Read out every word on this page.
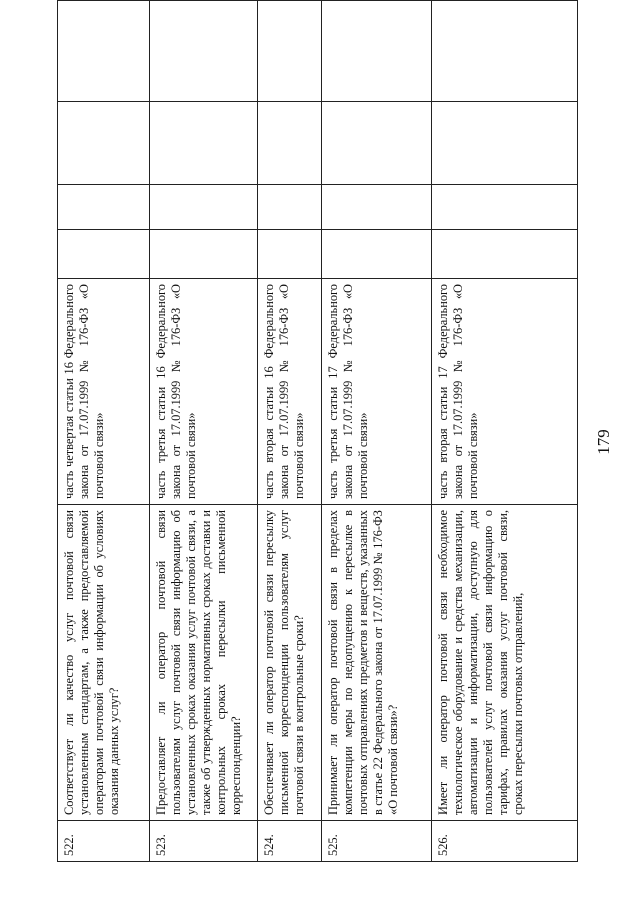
179
522.	Соответствует ли качество услуг почтовой связи установленным стандартам, а также предоставляемой операторами почтовой связи информации об условиях оказания данных услуг?	часть четвертая статьи 16 Федерального закона от 17.07.1999 № 176-ФЗ «О почтовой связи»					
523.	Предоставляет ли оператор почтовой связи пользователям услуг почтовой связи информацию об установленных сроках оказания услуг почтовой связи, а также об утвержденных нормативных сроках доставки и контрольных сроках пересылки письменной корреспонденции?	часть третья статьи 16 Федерального закона от 17.07.1999 № 176-ФЗ «О почтовой связи»					
524.	Обеспечивает ли оператор почтовой связи пересылку письменной корреспонденции пользователям услуг почтовой связи в контрольные сроки?	часть вторая статьи 16 Федерального закона от 17.07.1999 № 176-ФЗ «О почтовой связи»					
525.	Принимает ли оператор почтовой связи в пределах компетенции меры по недопущению к пересылке в почтовых отправлениях предметов и веществ, указанных в статье 22 Федерального закона от 17.07.1999 № 176-ФЗ «О почтовой связи»?	часть третья статьи 17 Федерального закона от 17.07.1999 № 176-ФЗ «О почтовой связи»					
526.	Имеет ли оператор почтовой связи необходимое технологическое оборудование и средства механизации, автоматизации и информатизации, доступную для пользователей услуг почтовой связи информацию о тарифах, правилах оказания услуг почтовой связи, сроках пересылки почтовых отправлений,	часть вторая статьи 17 Федерального закона от 17.07.1999 № 176-ФЗ «О почтовой связи»					
